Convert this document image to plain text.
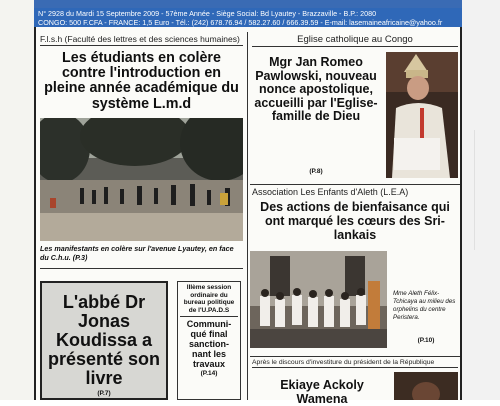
N° 2928 du Mardi 15 Septembre 2009 - 57ème Année - Siège Social: Bd Lyautey - Brazzaville - B.P.: 2080
CONGO: 500 F.CFA - FRANCE: 1,5 Euro - Tél.: (242) 678.76.94 / 582.27.60 / 666.39.59 - E-mail: lasemaineafricaine@yahoo.fr
F.l.s.h (Faculté des lettres et des sciences humaines)
Les étudiants en colère contre l'introduction en pleine année académique du système L.m.d
Les manifestants en colère sur l'avenue Lyautey, en face du C.h.u. (P.3)
L'abbé Dr Jonas Koudissa a présenté son livre
(P.7)
IIIème session ordinaire du bureau politique de l'U.PA.D.S
Communi-qué final sanction-nant les travaux
(P.14)
Eglise catholique au Congo
Mgr Jan Romeo Pawlowski, nouveau nonce apostolique, accueilli par l'Eglise-famille de Dieu
(P.8)
Association Les Enfants d'Aleth (L.E.A)
Des actions de bienfaisance qui ont marqué les cœurs des Sri-lankais
Mme Aleth Félix-Tchicaya au milieu des orphelins du centre Peristera.
(P.10)
Après le discours d'investiture du président de la République
Ekiaye Ackoly Wamena
